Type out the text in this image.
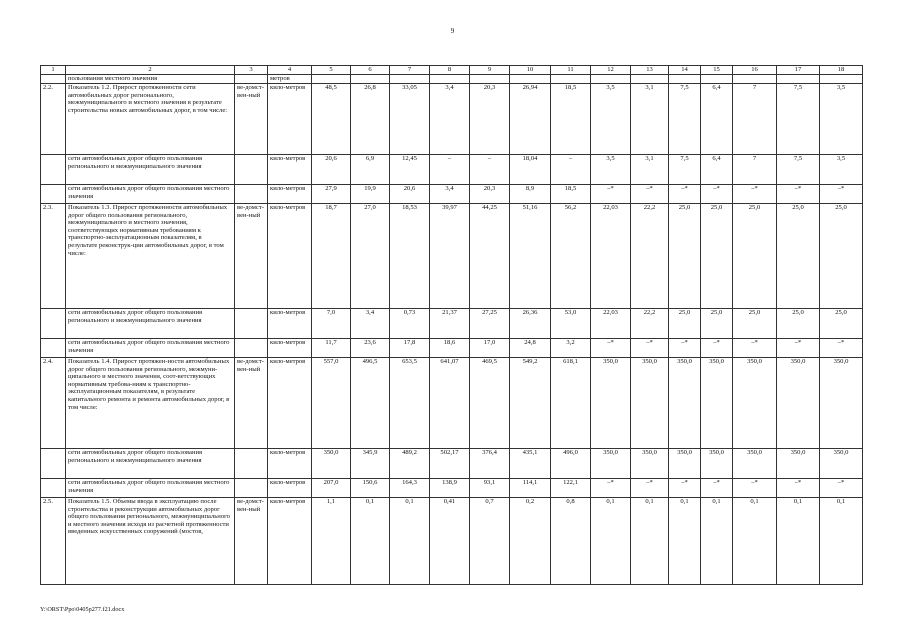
9
1	2	3	4	5	6	7	8	9	10	11	12	13	14	15	16	17	18
	пользования местного значения		метров														
2.2.	Показатель 1.2. Прирост протяженности сети автомобильных дорог регионального, межмуниципального и местного значения в результате строительства новых автомобильных дорог, в том числе:	ве-домст-вен-ный	кило-метров	48,5	26,8	33,05	3,4	20,3	26,94	18,5	3,5	3,1	7,5	6,4	7	7,5	3,5
	сети автомобильных дорог общего пользования регионального и межмуниципального значения		кило-метров	20,6	6,9	12,45	–	–	18,04	–	3,5	3,1	7,5	6,4	7	7,5	3,5
	сети автомобильных дорог общего пользования местного значения		кило-метров	27,9	19,9	20,6	3,4	20,3	8,9	18,5	–*	–*	–*	–*	–*	–*	–*
2.3.	Показатель 1.3. Прирост протяженности автомобильных дорог общего пользования регионального, межмуниципального и местного значения, соответствующих нормативным требованиям к транспортно-эксплуатационным показателям, в результате реконструк-ции автомобильных дорог, в том числе:	ве-домст-вен-ный	кило-метров	18,7	27,0	18,53	39,97	44,25	51,16	56,2	22,03	22,2	25,0	25,0	25,0	25,0	25,0
	сети автомобильных дорог общего пользования регионального и межмуниципального значения		кило-метров	7,0	3,4	0,73	21,37	27,25	26,36	53,0	22,03	22,2	25,0	25,0	25,0	25,0	25,0
	сети автомобильных дорог общего пользования местного значения		кило-метров	11,7	23,6	17,8	18,6	17,0	24,8	3,2	–*	–*	–*	–*	–*	–*	–*
2.4.	Показатель 1.4. Прирост протяжен-ности автомобильных дорог общего пользования регионального, межмуни-ципального и местного значения, соот-ветствующих нормативным требова-ниям к транспортно-эксплуатационным показателям, в результате капитального ремонта и ремонта автомобильных дорог, в том числе:	ве-домст-вен-ный	кило-метров	557,0	496,5	653,5	641,07	469,5	549,2	618,1	350,0	350,0	350,0	350,0	350,0	350,0	350,0
	сети автомобильных дорог общего пользования регионального и межмуниципального значения		кило-метров	350,0	345,9	489,2	502,17	376,4	435,1	496,0	350,0	350,0	350,0	350,0	350,0	350,0	350,0
	сети автомобильных дорог общего пользования местного значения		кило-метров	207,0	150,6	164,3	138,9	93,1	114,1	122,1	–*	–*	–*	–*	–*	–*	–*
2.5.	Показатель 1.5. Объемы ввода в эксплуатацию после строительства и реконструкции автомобильных дорог общего пользования регионального, межмуниципального и местного значения исходя из расчетной протяженности введенных искусственных сооружений (мостов,	ве-домст-вен-ный	кило-метров	1,1	0,1	0,1	0,41	0,7	0,2	0,8	0,1	0,1	0,1	0,1	0,1	0,1	0,1
Y:\ORST\Ppo\0405p277.f21.docx
